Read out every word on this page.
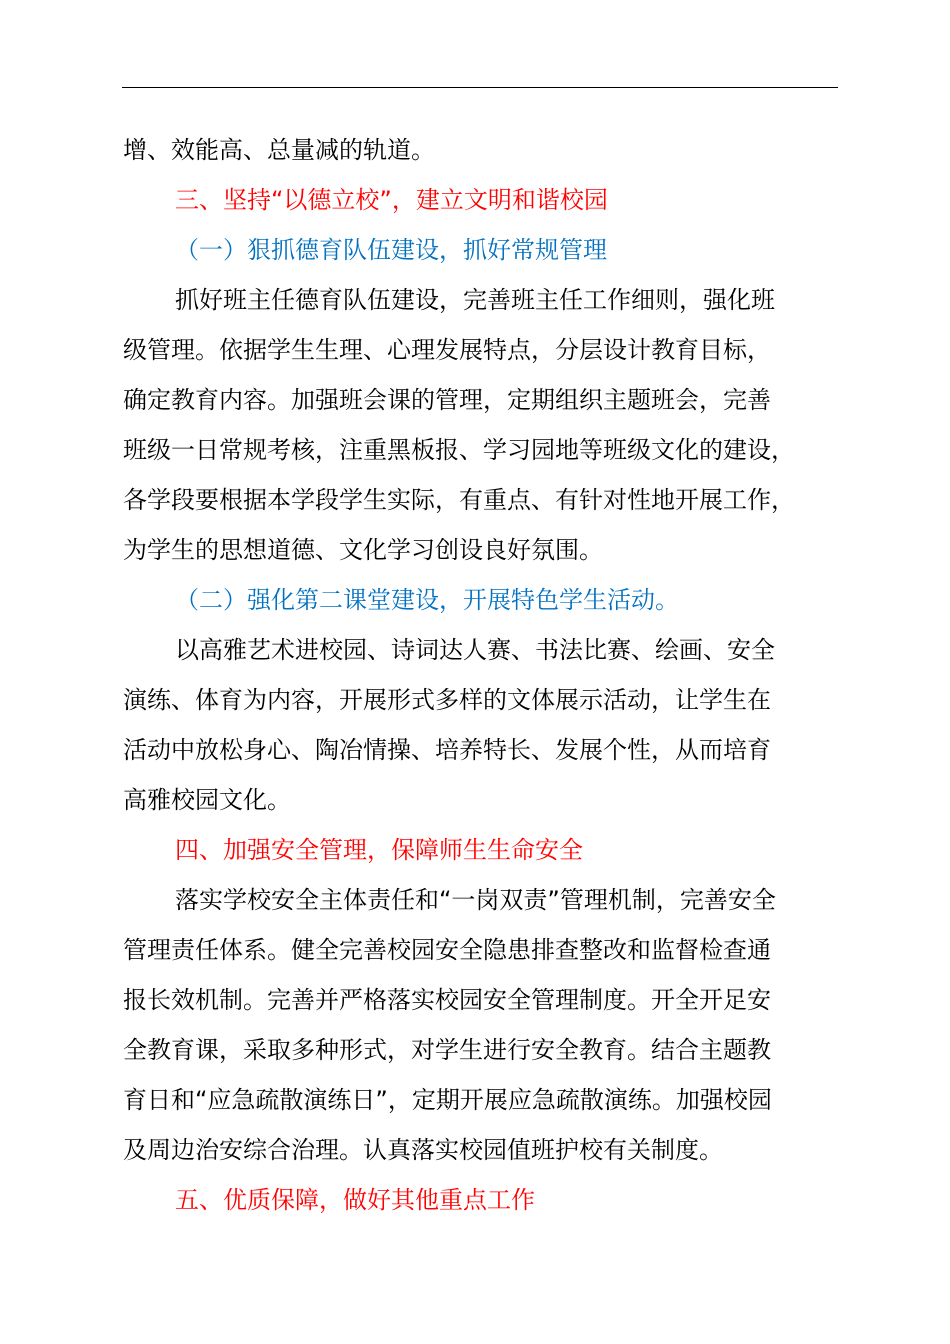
增、效能高、总量减的轨道。
三、坚持“以德立校”，建立文明和谐校园
（一）狠抓德育队伍建设，抓好常规管理
抓好班主任德育队伍建设，完善班主任工作细则，强化班
级管理。依据学生生理、心理发展特点，分层设计教育目标，
确定教育内容。加强班会课的管理，定期组织主题班会，完善
班级一日常规考核，注重黑板报、学习园地等班级文化的建设，
各学段要根据本学段学生实际，有重点、有针对性地开展工作，
为学生的思想道德、文化学习创设良好氛围。
（二）强化第二课堂建设，开展特色学生活动。
以高雅艺术进校园、诗词达人赛、书法比赛、绘画、安全
演练、体育为内容，开展形式多样的文体展示活动，让学生在
活动中放松身心、陶冶情操、培养特长、发展个性，从而培育
高雅校园文化。
四、加强安全管理，保障师生生命安全
落实学校安全主体责任和“一岗双责”管理机制，完善安全
管理责任体系。健全完善校园安全隐患排查整改和监督检查通
报长效机制。完善并严格落实校园安全管理制度。开全开足安
全教育课，采取多种形式，对学生进行安全教育。结合主题教
育日和“应急疏散演练日”，定期开展应急疏散演练。加强校园
及周边治安综合治理。认真落实校园值班护校有关制度。
五、优质保障，做好其他重点工作
